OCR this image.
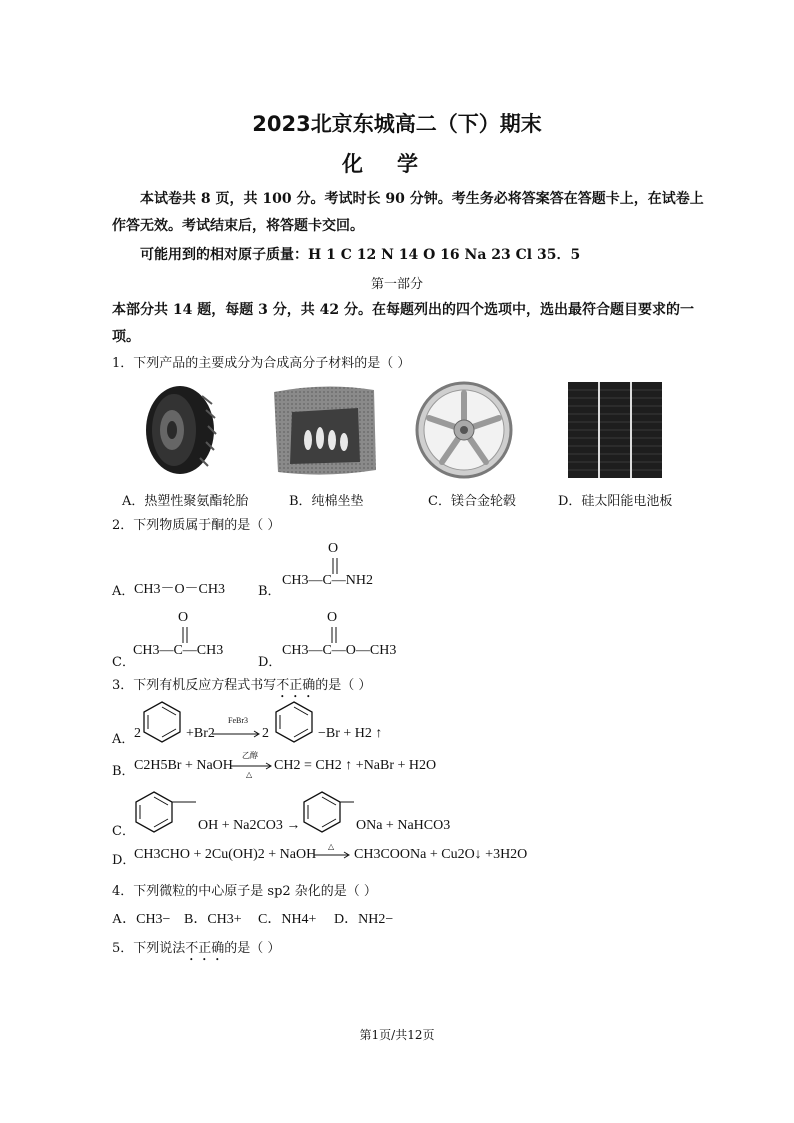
2023北京东城高二（下）期末
化学
本试卷共 8 页，共 100 分。考试时长 90 分钟。考生务必将答案答在答题卡上，在试卷上
作答无效。考试结束后，将答题卡交回。
可能用到的相对原子质量：H 1 C 12 N 14 O 16 Na 23 Cl 35．5
第一部分
本部分共 14 题，每题 3 分，共 42 分。在每题列出的四个选项中，选出最符合题目要求的一
项。
1．下列产品的主要成分为合成高分子材料的是（ ）
A．热塑性聚氨酯轮胎	B．纯棉坐垫	C．镁合金轮毂	D．硅太阳能电池板
2．下列物质属于酮的是（ ）
A． CH3－O－CH3	B．
O
CH3—C—NH2
C．
O
CH3—C—CH3
D．
O
CH3—C—O—CH3
3．下列有机反应方程式书写不正确的是（ ）
A． 2	+Br2
FeBr3
→ 2	−Br + H2 ↑
B． C2H5Br + NaOH
乙醇
△
CH2 = CH2 ↑ +NaBr + H2O
C．	OH + Na2CO3 →	ONa + NaHCO3
D．
CH3CHO + 2Cu(OH)2 + NaOH
△
→ CH3COONa + Cu2O↓ +3H2O
4．下列微粒的中心原子是 sp2 杂化的是（ ）
A．CH3− B．CH3+ C．NH4+ D．NH2−
5．下列说法不正确的是（ ）
第1页/共12页
